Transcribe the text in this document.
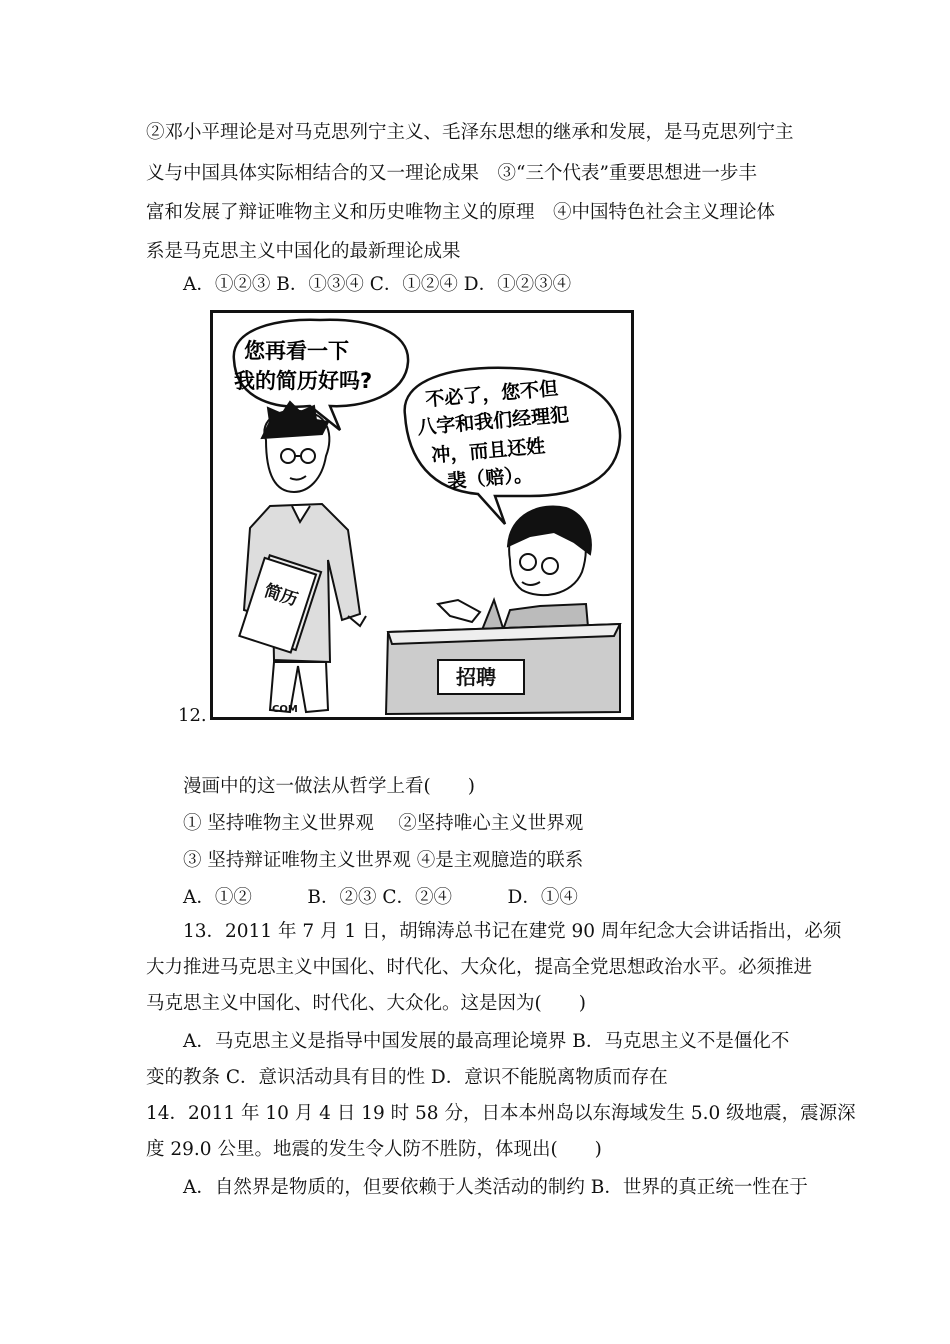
②邓小平理论是对马克思列宁主义、毛泽东思想的继承和发展，是马克思列宁主
义与中国具体实际相结合的又一理论成果　③“三个代表”重要思想进一步丰
富和发展了辩证唯物主义和历史唯物主义的原理　④中国特色社会主义理论体
系是马克思主义中国化的最新理论成果
A．①②③ B．①③④ C．①②④ D．①②③④
12.
您再看一下
我的简历好吗?	不必了，您不但
八字和我们经理犯
冲，而且还姓
裴（赔）。
简历
COM
招聘
漫画中的这一做法从哲学上看(　　)
① 坚持唯物主义世界观　 ②坚持唯心主义世界观
③ 坚持辩证唯物主义世界观 ④是主观臆造的联系
A．①②　　　B．②③ C．②④　　　D．①④
13．2011 年 7 月 1 日，胡锦涛总书记在建党 90 周年纪念大会讲话指出，必须
大力推进马克思主义中国化、时代化、大众化，提高全党思想政治水平。必须推进
马克思主义中国化、时代化、大众化。这是因为(　　)
A．马克思主义是指导中国发展的最高理论境界 B．马克思主义不是僵化不
变的教条 C．意识活动具有目的性 D．意识不能脱离物质而存在
14．2011 年 10 月 4 日 19 时 58 分，日本本州岛以东海域发生 5.0 级地震，震源深
度 29.0 公里。地震的发生令人防不胜防，体现出(　　)
A．自然界是物质的，但要依赖于人类活动的制约 B．世界的真正统一性在于
